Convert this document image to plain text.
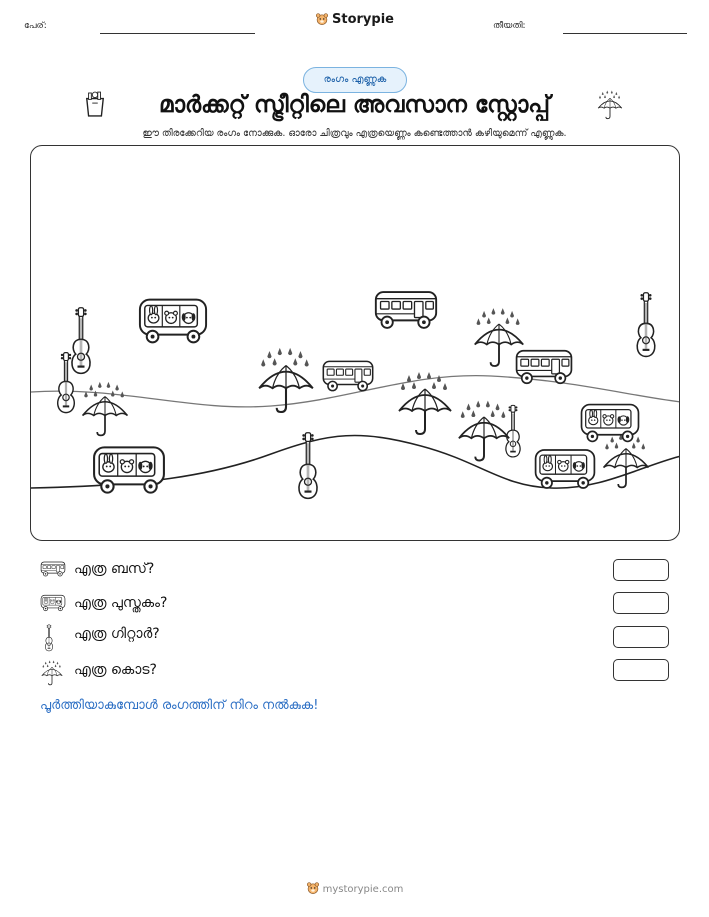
പേര്:	Storypie	തീയതി:
രംഗം എണ്ണുക
മാർക്കറ്റ് സ്ട്രീറ്റിലെ അവസാന സ്റ്റോപ്പ്
ഈ തിരക്കേറിയ രംഗം നോക്കുക. ഓരോ ചിത്രവും എത്രയെണ്ണം കണ്ടെത്താൻ കഴിയുമെന്ന് എണ്ണുക.
എത്ര ബസ്?
എത്ര പുസ്തകം?
എത്ര ഗിറ്റാർ?
എത്ര കൊട?
പൂർത്തിയാകുമ്പോൾ രംഗത്തിന് നിറം നൽകുക!
mystorypie.com
